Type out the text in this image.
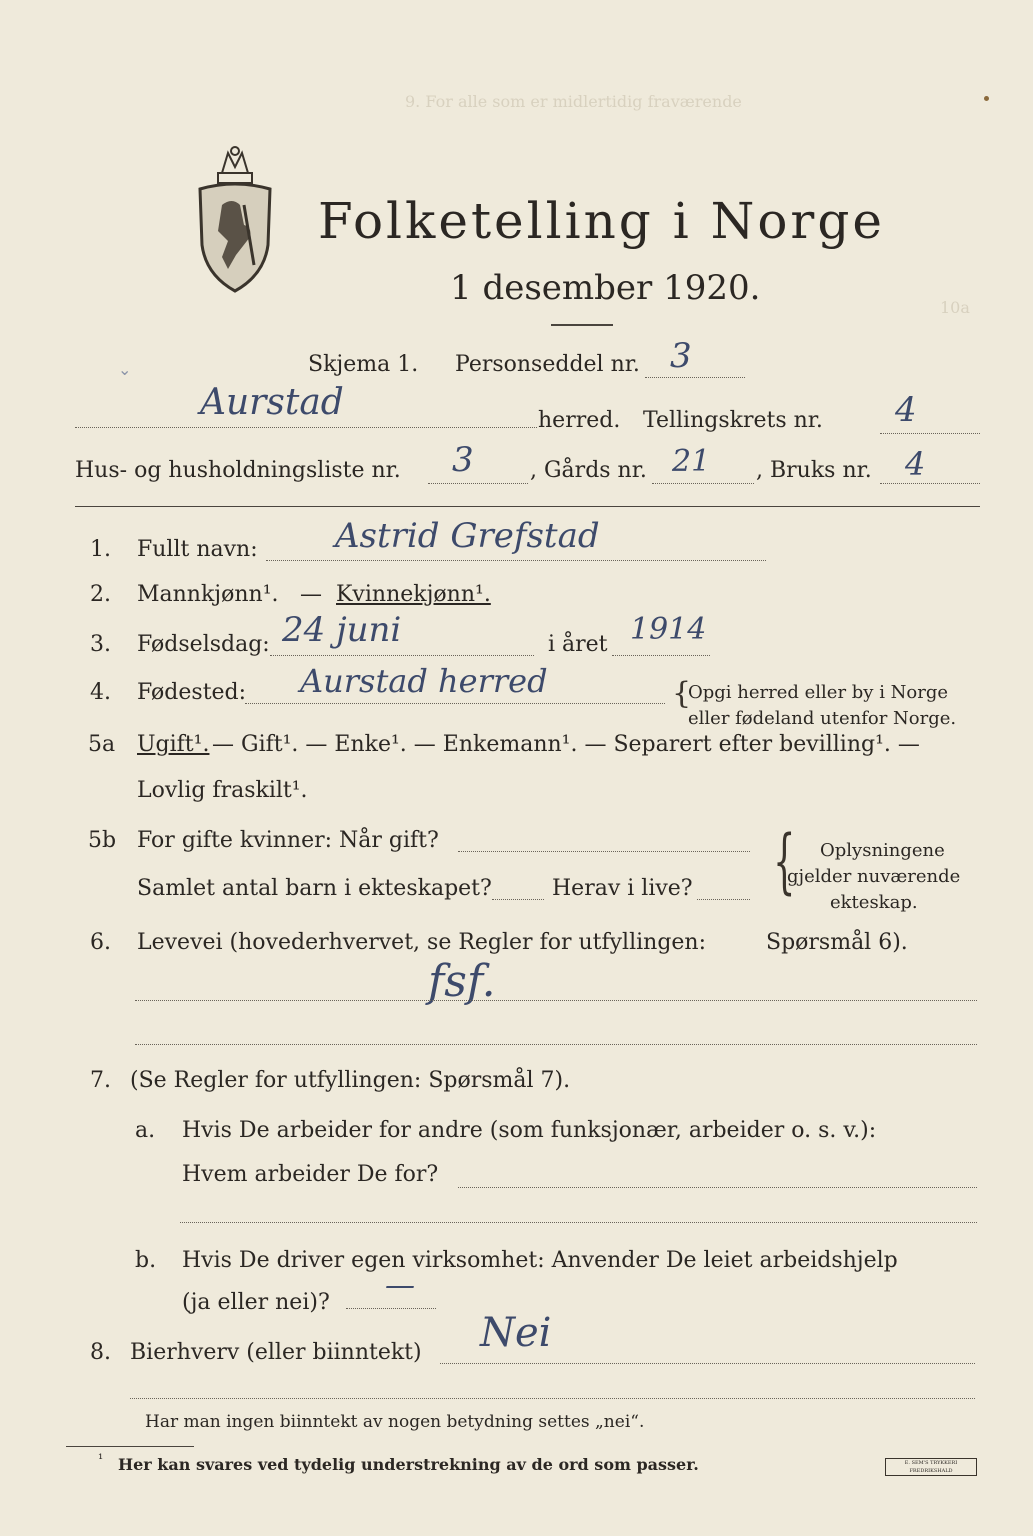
9. For alle som er midlertidig fraværende
10a
Folketelling i Norge
1 desember 1920.
Skjema 1. Personseddel nr. 3
Aurstad	herred. Tellingskrets nr. 4
Hus- og husholdningsliste nr. 3	, Gårds nr. 21 , Bruks nr. 4
1. Fullt navn: Astrid Grefstad
2. Mannkjønn¹. — Kvinnekjønn¹.
3. Fødselsdag: 24 juni	i året 1914
4. Fødested: Aurstad herred	{
Opgi herred eller by i Norge
eller fødeland utenfor Norge.
5a Ugift¹. — Gift¹. — Enke¹. — Enkemann¹. — Separert efter bevilling¹. —
Lovlig fraskilt¹.
5b For gifte kvinner: Når gift?
Samlet antal barn i ekteskapet?	Herav i live? { Oplysningene
gjelder nuværende
ekteskap.
6. Levevei (hovederhvervet, se Regler for utfyllingen:	Spørsmål 6).
fsf.
7. (Se Regler for utfyllingen: Spørsmål 7).
a. Hvis De arbeider for andre (som funksjonær, arbeider o. s. v.):
Hvem arbeider De for?
b. Hvis De driver egen virksomhet: Anvender De leiet arbeidshjelp
(ja eller nei)? —
8. Bierhverv (eller biinntekt) Nei
Har man ingen biinntekt av nogen betydning settes „nei“.
¹ Her kan svares ved tydelig understrekning av de ord som passer.	E. SEM'S TRYKKERI FREDRIKSHALD
⌄
